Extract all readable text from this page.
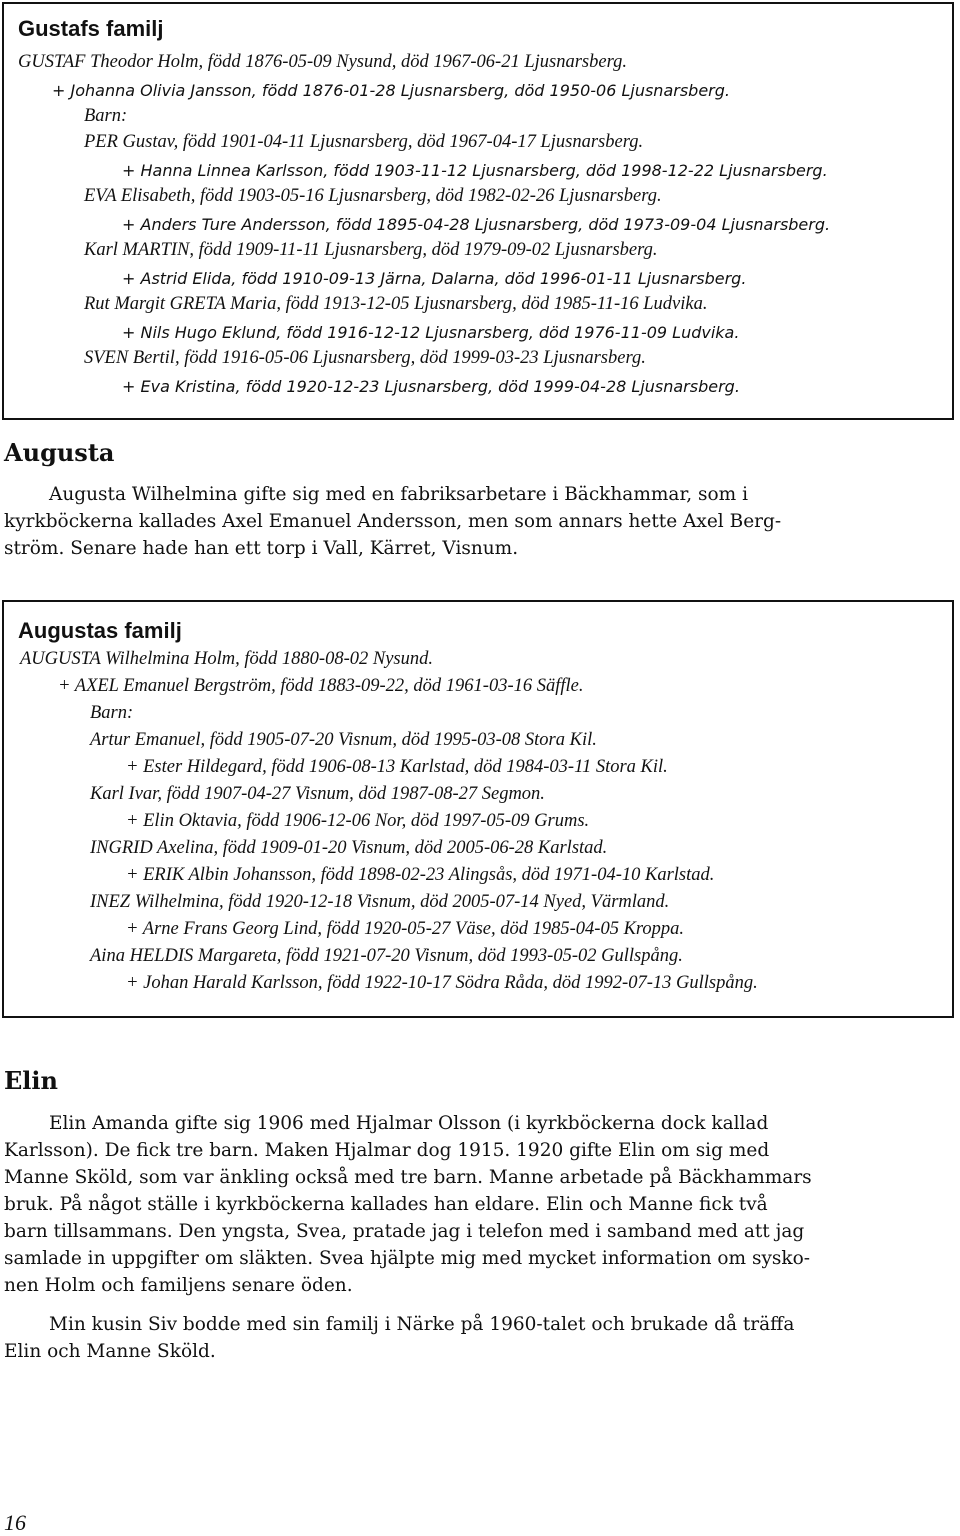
Gustafs familj
GUSTAF Theodor Holm, född 1876-05-09 Nysund, död 1967-06-21 Ljusnarsberg.
+ Johanna Olivia Jansson, född 1876-01-28 Ljusnarsberg, död 1950-06 Ljusnarsberg.
Barn:
PER Gustav, född 1901-04-11 Ljusnarsberg, död 1967-04-17 Ljusnarsberg.
+ Hanna Linnea Karlsson, född 1903-11-12 Ljusnarsberg, död 1998-12-22 Ljusnarsberg.
EVA Elisabeth, född 1903-05-16 Ljusnarsberg, död 1982-02-26 Ljusnarsberg.
+ Anders Ture Andersson, född 1895-04-28 Ljusnarsberg, död 1973-09-04 Ljusnarsberg.
Karl MARTIN, född 1909-11-11 Ljusnarsberg, död 1979-09-02 Ljusnarsberg.
+ Astrid Elida, född 1910-09-13 Järna, Dalarna, död 1996-01-11 Ljusnarsberg.
Rut Margit GRETA Maria, född 1913-12-05 Ljusnarsberg, död 1985-11-16 Ludvika.
+ Nils Hugo Eklund, född 1916-12-12 Ljusnarsberg, död 1976-11-09 Ludvika.
SVEN Bertil, född 1916-05-06 Ljusnarsberg, död 1999-03-23 Ljusnarsberg.
+ Eva Kristina, född 1920-12-23 Ljusnarsberg, död 1999-04-28 Ljusnarsberg.
Augusta

Augusta Wilhelmina gifte sig med en fabriksarbetare i Bäckhammar, som i
kyrkböckerna kallades Axel Emanuel Andersson, men som annars hette Axel Berg-
ström. Senare hade han ett torp i Vall, Kärret, Visnum.

Augustas familj
AUGUSTA Wilhelmina Holm, född 1880-08-02 Nysund.
+ AXEL Emanuel Bergström, född 1883-09-22, död 1961-03-16 Säffle.
Barn:
Artur Emanuel, född 1905-07-20 Visnum, död 1995-03-08 Stora Kil.
+ Ester Hildegard, född 1906-08-13 Karlstad, död 1984-03-11 Stora Kil.
Karl Ivar, född 1907-04-27 Visnum, död 1987-08-27 Segmon.
+ Elin Oktavia, född 1906-12-06 Nor, död 1997-05-09 Grums.
INGRID Axelina, född 1909-01-20 Visnum, död 2005-06-28 Karlstad.
+ ERIK Albin Johansson, född 1898-02-23 Alingsås, död 1971-04-10 Karlstad.
INEZ Wilhelmina, född 1920-12-18 Visnum, död 2005-07-14 Nyed, Värmland.
+ Arne Frans Georg Lind, född 1920-05-27 Väse, död 1985-04-05 Kroppa.
Aina HELDIS Margareta, född 1921-07-20 Visnum, död 1993-05-02 Gullspång.
+ Johan Harald Karlsson, född 1922-10-17 Södra Råda, död 1992-07-13 Gullspång.
Elin

Elin Amanda gifte sig 1906 med Hjalmar Olsson (i kyrkböckerna dock kallad
Karlsson). De fick tre barn. Maken Hjalmar dog 1915. 1920 gifte Elin om sig med
Manne Sköld, som var änkling också med tre barn. Manne arbetade på Bäckhammars
bruk. På något ställe i kyrkböckerna kallades han eldare. Elin och Manne fick två
barn tillsammans. Den yngsta, Svea, pratade jag i telefon med i samband med att jag
samlade in uppgifter om släkten. Svea hjälpte mig med mycket information om sysko-
nen Holm och familjens senare öden.

Min kusin Siv bodde med sin familj i Närke på 1960-talet och brukade då träffa
Elin och Manne Sköld.

16
